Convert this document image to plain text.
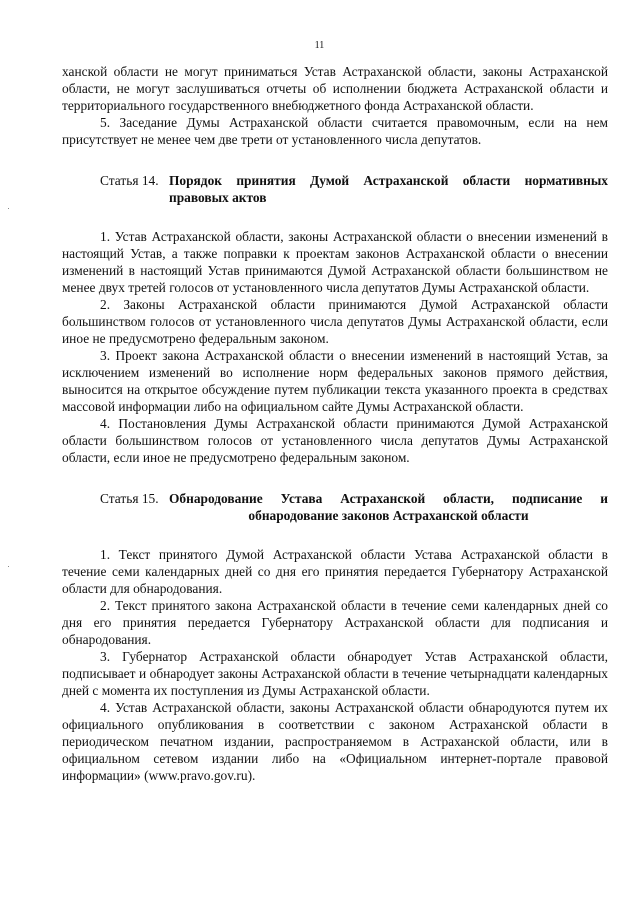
11

ханской области не могут приниматься Устав Астраханской области, законы Астраханской области, не могут заслушиваться отчеты об исполнении бюджета Астраханской области и территориального государственного внебюджетного фонда Астраханской области.

5. Заседание Думы Астраханской области считается правомочным, если на нем присутствует не менее чем две трети от установленного числа депутатов.

Статья 14. Порядок принятия Думой Астраханской области нормативных правовых актов

1. Устав Астраханской области, законы Астраханской области о внесении изменений в настоящий Устав, а также поправки к проектам законов Астраханской области о внесении изменений в настоящий Устав принимаются Думой Астраханской области большинством не менее двух третей голосов от установленного числа депутатов Думы Астраханской области.

2. Законы Астраханской области принимаются Думой Астраханской области большинством голосов от установленного числа депутатов Думы Астраханской области, если иное не предусмотрено федеральным законом.

3. Проект закона Астраханской области о внесении изменений в настоящий Устав, за исключением изменений во исполнение норм федеральных законов прямого действия, выносится на открытое обсуждение путем публикации текста указанного проекта в средствах массовой информации либо на официальном сайте Думы Астраханской области.

4. Постановления Думы Астраханской области принимаются Думой Астраханской области большинством голосов от установленного числа депутатов Думы Астраханской области, если иное не предусмотрено федеральным законом.

Статья 15. Обнародование Устава Астраханской области, подписание и обнародование законов Астраханской области

1. Текст принятого Думой Астраханской области Устава Астраханской области в течение семи календарных дней со дня его принятия передается Губернатору Астраханской области для обнародования.

2. Текст принятого закона Астраханской области в течение семи календарных дней со дня его принятия передается Губернатору Астраханской области для подписания и обнародования.

3. Губернатор Астраханской области обнародует Устав Астраханской области, подписывает и обнародует законы Астраханской области в течение четырнадцати календарных дней с момента их поступления из Думы Астраханской области.

4. Устав Астраханской области, законы Астраханской области обнародуются путем их официального опубликования в соответствии с законом Астраханской области в периодическом печатном издании, распространяемом в Астраханской области, или в официальном сетевом издании либо на «Официальном интернет-портале правовой информации» (www.pravo.gov.ru).
